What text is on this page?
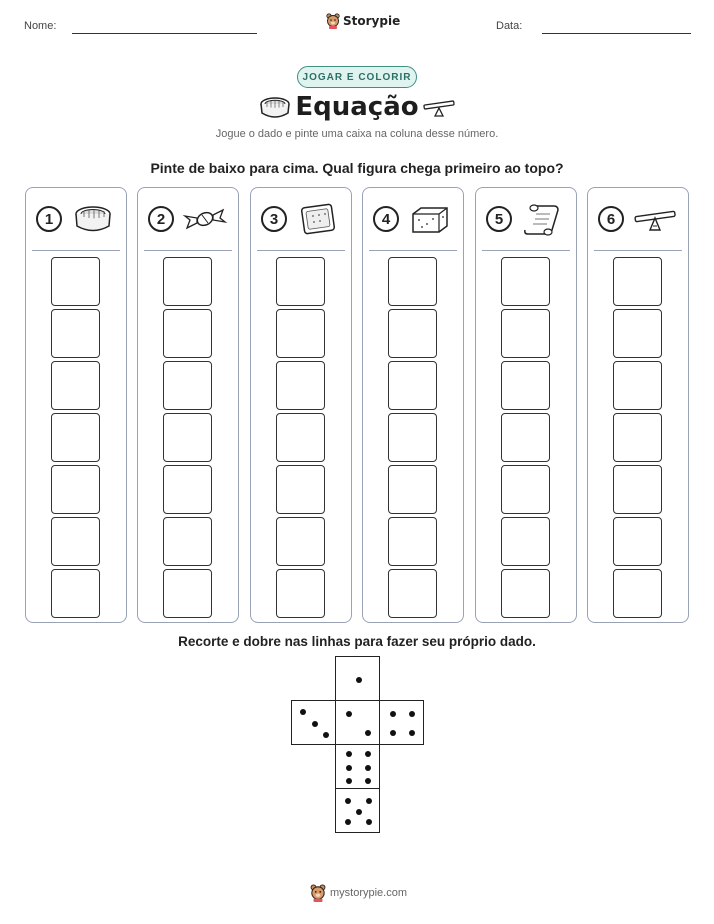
Nome:	Storypie	Data:
JOGAR E COLORIR
Equação
Jogue o dado e pinte uma caixa na coluna desse número.
Pinte de baixo para cima. Qual figura chega primeiro ao topo?
1	2	3	4	5	6
Recorte e dobre nas linhas para fazer seu próprio dado.
mystorypie.com
